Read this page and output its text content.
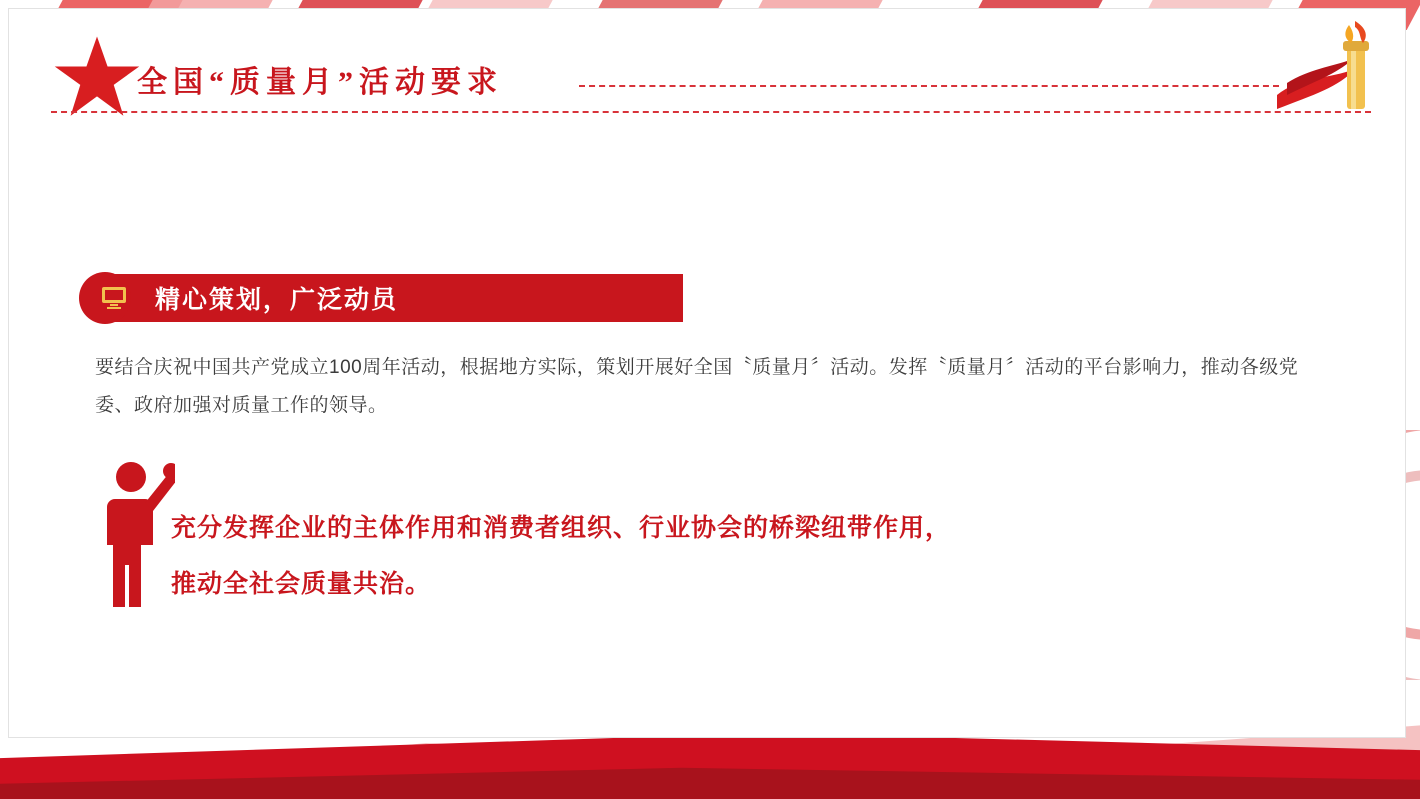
全国“质量月”活动要求
精心策划，广泛动员
要结合庆祝中国共产党成立100周年活动，根据地方实际，策划开展好全国〝质量月〞活动。发挥〝质量月〞活动的平台影响力，推动各级党委、政府加强对质量工作的领导。
充分发挥企业的主体作用和消费者组织、行业协会的桥梁纽带作用，
推动全社会质量共治。
